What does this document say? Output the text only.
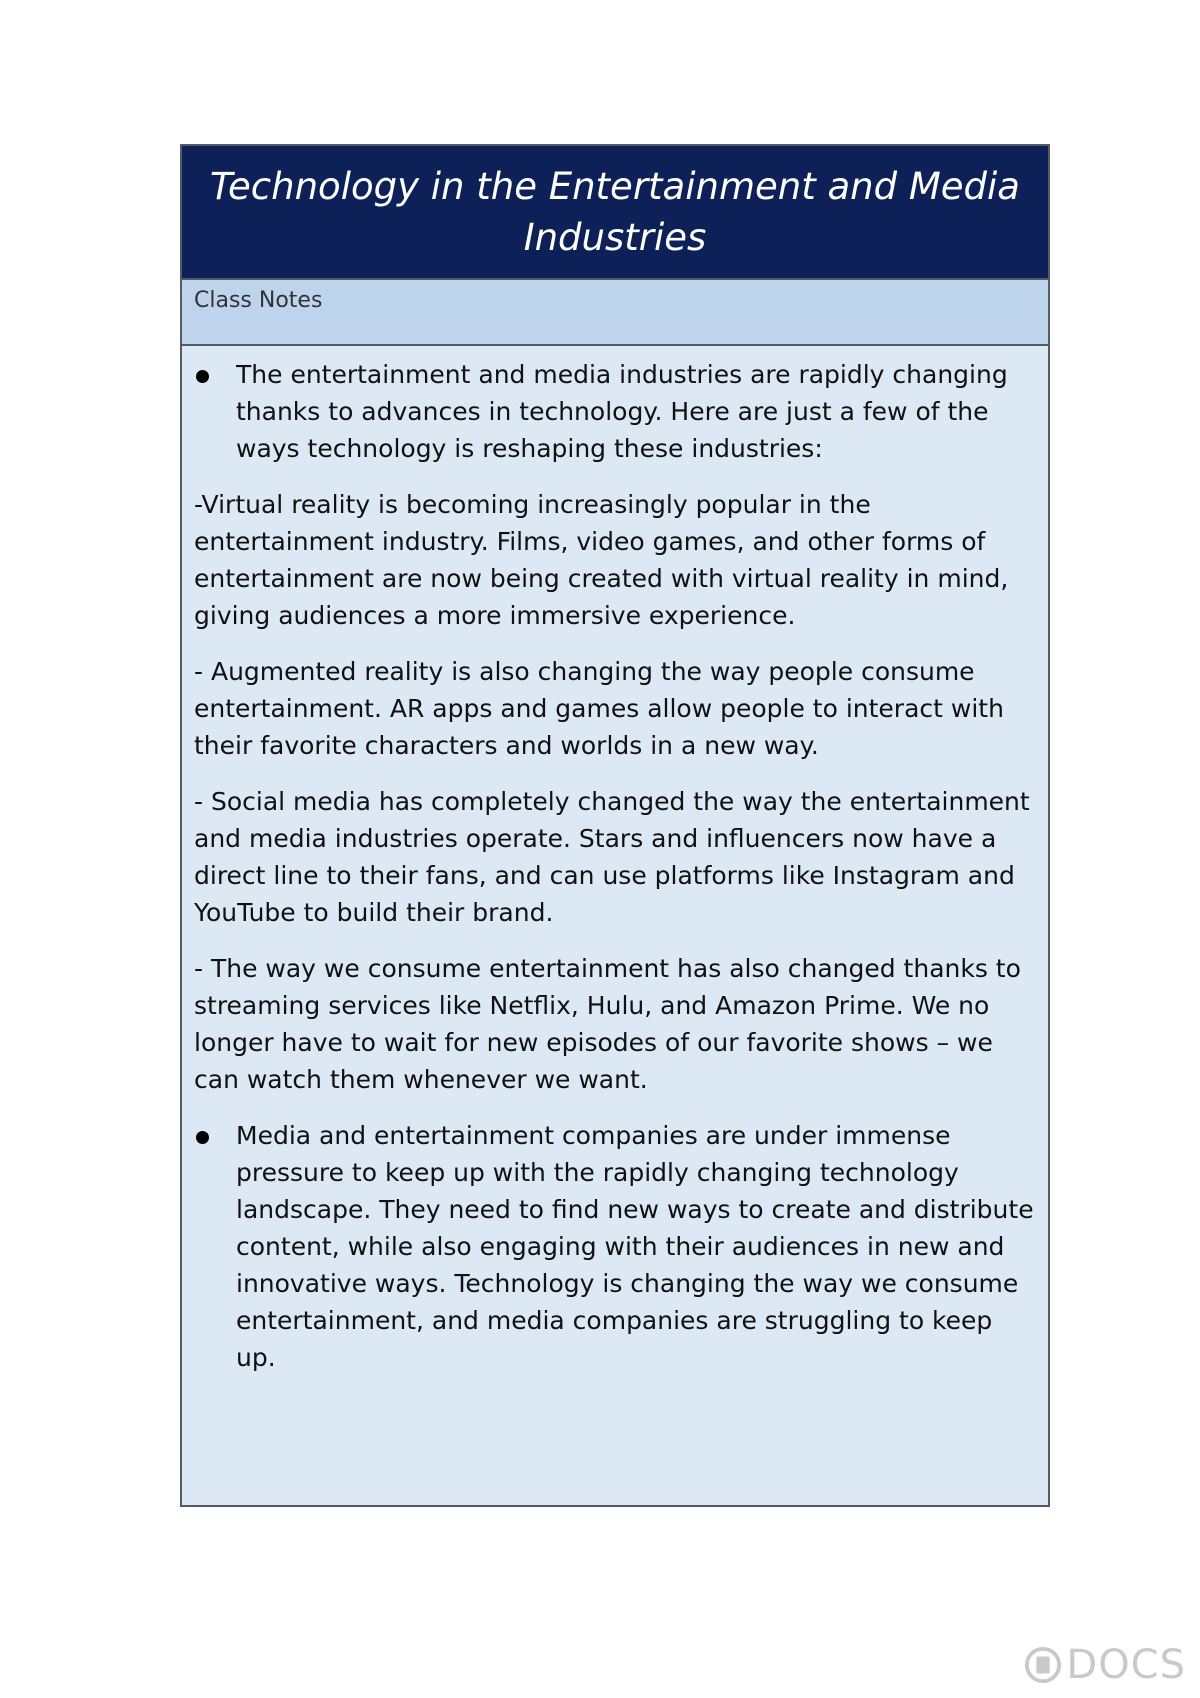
Technology in the Entertainment and Media Industries
Class Notes
The entertainment and media industries are rapidly changing thanks to advances in technology. Here are just a few of the ways technology is reshaping these industries:
-Virtual reality is becoming increasingly popular in the entertainment industry. Films, video games, and other forms of entertainment are now being created with virtual reality in mind, giving audiences a more immersive experience.
- Augmented reality is also changing the way people consume entertainment. AR apps and games allow people to interact with their favorite characters and worlds in a new way.
- Social media has completely changed the way the entertainment and media industries operate. Stars and influencers now have a direct line to their fans, and can use platforms like Instagram and YouTube to build their brand.
- The way we consume entertainment has also changed thanks to streaming services like Netflix, Hulu, and Amazon Prime. We no longer have to wait for new episodes of our favorite shows – we can watch them whenever we want.
Media and entertainment companies are under immense pressure to keep up with the rapidly changing technology landscape. They need to find new ways to create and distribute content, while also engaging with their audiences in new and innovative ways. Technology is changing the way we consume entertainment, and media companies are struggling to keep up.
DOCS
